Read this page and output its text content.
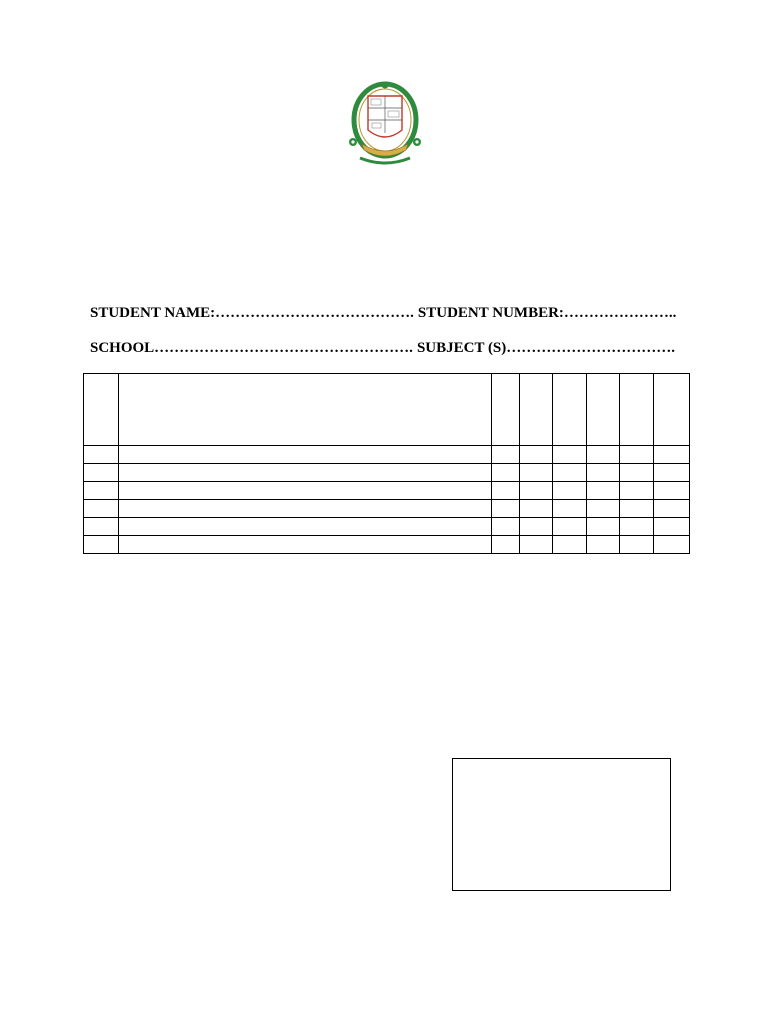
STUDENT NAME:…………………………………. STUDENT NUMBER:…………………..
SCHOOL……………………………………………. SUBJECT (S)…………………………….
